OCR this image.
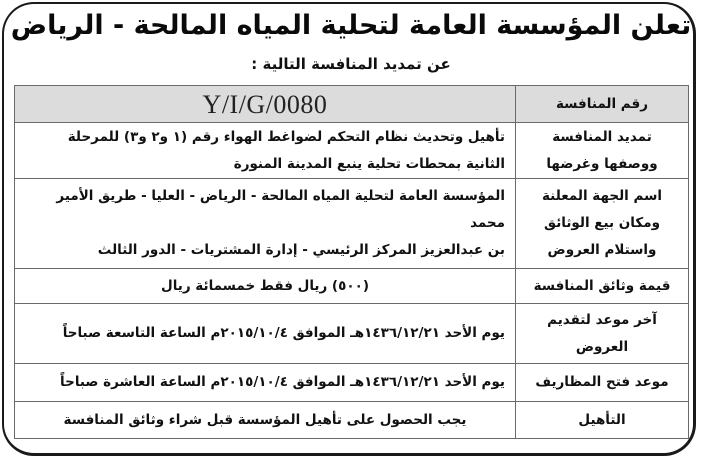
تعلن المؤسسة العامة لتحلية المياه المالحة - الرياض
عن تمديد المنافسة التالية :
رقم المنافسة	Y/I/G/0080

تمديد المنافسة
ووصفها وغرضها	تأهيل وتحديث نظام التحكم لضواغط الهواء رقم (١ و٢ و٣) للمرحلة
الثانية بمحطات تحلية ينبع المدينة المنورة

اسم الجهة المعلنة
ومكان بيع الوثائق
واستلام العروض	المؤسسة العامة لتحلية المياه المالحة - الرياض - العليا - طريق الأمير محمد
بن عبدالعزيز المركز الرئيسي - إدارة المشتريات - الدور الثالث

قيمة وثائق المنافسة	(٥٠٠) ريال فقط خمسمائة ريال

آخر موعد لتقديم
العروض	يوم الأحد ١٤٣٦/١٢/٢١هـ الموافق ٢٠١٥/١٠/٤م الساعة التاسعة صباحاً
موعد فتح المظاريف	يوم الأحد ١٤٣٦/١٢/٢١هـ الموافق ٢٠١٥/١٠/٤م الساعة العاشرة صباحاً
التأهيل	يجب الحصول على تأهيل المؤسسة قبل شراء وثائق المنافسة
